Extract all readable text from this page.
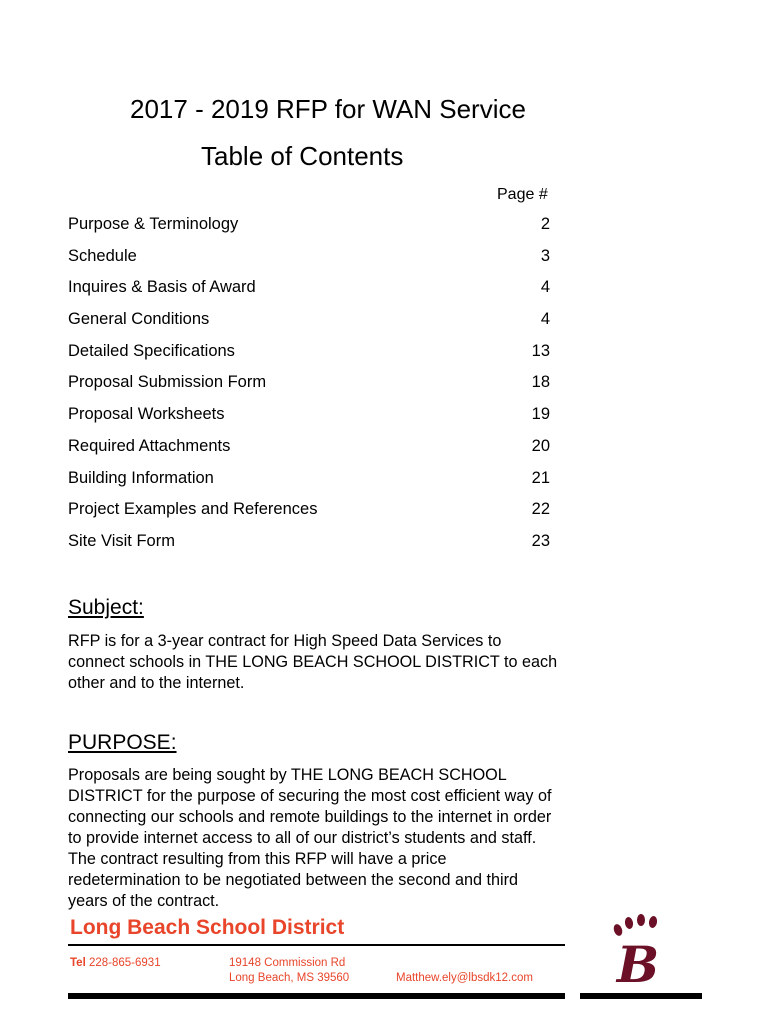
2017 - 2019 RFP for WAN Service
Table of Contents
Page #
Purpose & Terminology	2
Schedule	3
Inquires & Basis of Award	4
General Conditions	4
Detailed Specifications	13
Proposal Submission Form	18
Proposal Worksheets	19
Required Attachments	20
Building Information	21
Project Examples and References	22
Site Visit Form	23
Subject:
RFP is for a 3-year contract for High Speed Data Services to connect schools in THE LONG BEACH SCHOOL DISTRICT to each other and to the internet.
PURPOSE:
Proposals are being sought by THE LONG BEACH SCHOOL DISTRICT for the purpose of securing the most cost efficient way of connecting our schools and remote buildings to the internet in order to provide internet access to all of our district’s students and staff. The contract resulting from this RFP will have a price redetermination to be negotiated between the second and third years of the contract.
Long Beach School District
Tel 228-865-6931	19148 Commission Rd
Long Beach, MS 39560	Matthew.ely@lbsdk12.com B
